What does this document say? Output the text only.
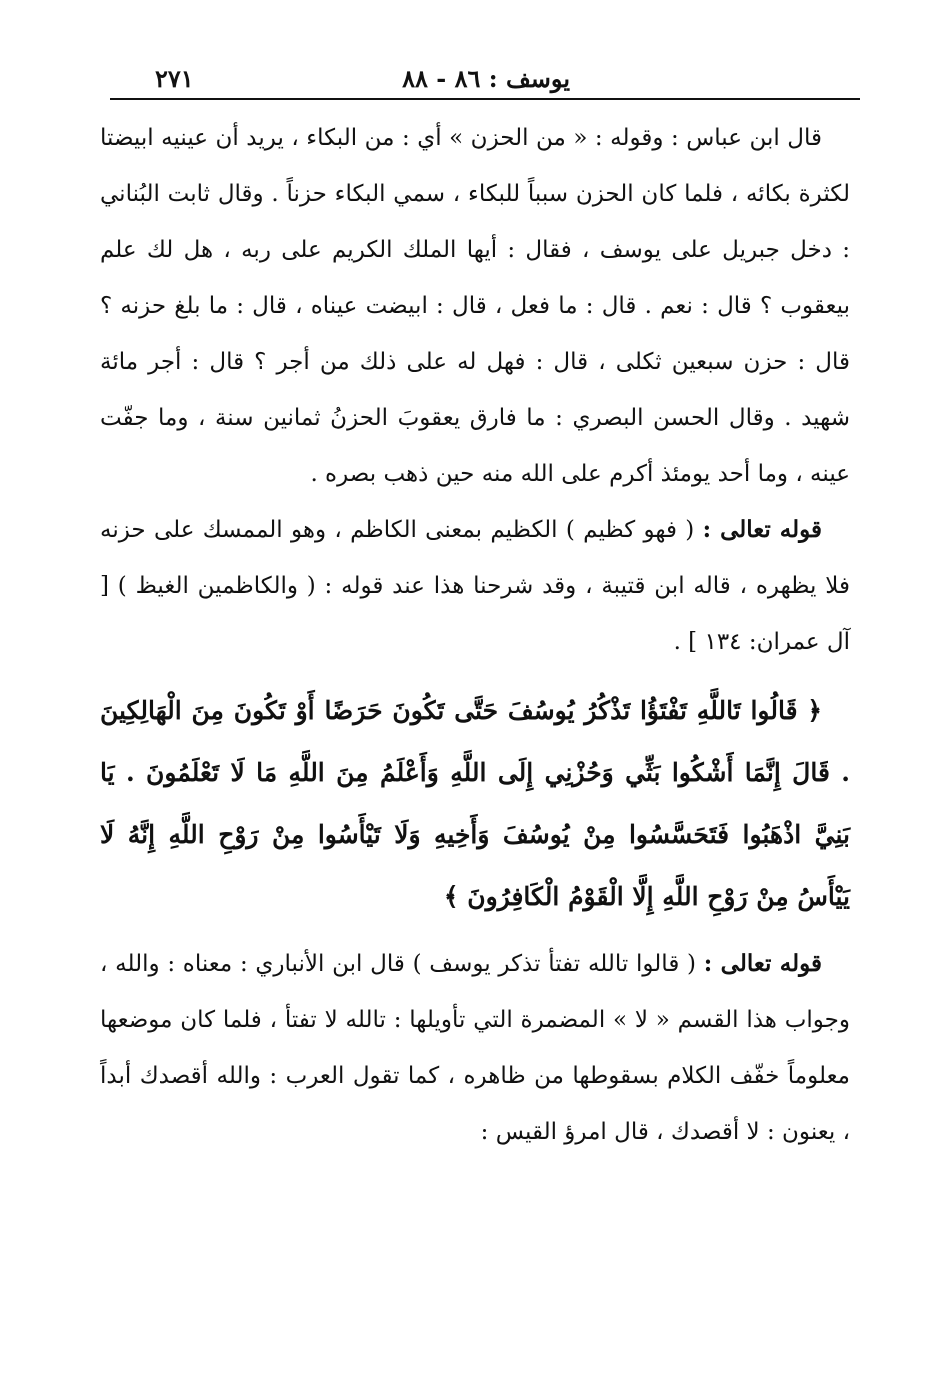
يوسف : ٨٦ - ٨٨
٢٧١

قال ابن عباس : وقوله : « من الحزن » أي : من البكاء ، يريد أن عينيه ابيضتا لكثرة بكائه ، فلما كان الحزن سبباً للبكاء ، سمي البكاء حزناً . وقال ثابت البُناني : دخل جبريل على يوسف ، فقال : أيها الملك الكريم على ربه ، هل لك علم بيعقوب ؟ قال : نعم . قال : ما فعل ، قال : ابيضت عيناه ، قال : ما بلغ حزنه ؟ قال : حزن سبعين ثكلى ، قال : فهل له على ذلك من أجر ؟ قال : أجر مائة شهيد . وقال الحسن البصري : ما فارق يعقوبَ الحزنُ ثمانين سنة ، وما جفّت عينه ، وما أحد يومئذ أكرم على الله منه حين ذهب بصره .

قوله تعالى : ( فهو كظيم ) الكظيم بمعنى الكاظم ، وهو الممسك على حزنه فلا يظهره ، قاله ابن قتيبة ، وقد شرحنا هذا عند قوله : ( والكاظمين الغيظ ) [ آل عمران: ١٣٤ ] .

﴿ قَالُوا تَاللَّهِ تَفْتَؤُا تَذْكُرُ يُوسُفَ حَتَّى تَكُونَ حَرَضًا أَوْ تَكُونَ مِنَ الْهَالِكِينَ . قَالَ إِنَّمَا أَشْكُوا بَثِّي وَحُزْنِي إِلَى اللَّهِ وَأَعْلَمُ مِنَ اللَّهِ مَا لَا تَعْلَمُونَ . يَا بَنِيَّ اذْهَبُوا فَتَحَسَّسُوا مِنْ يُوسُفَ وَأَخِيهِ وَلَا تَيْأَسُوا مِنْ رَوْحِ اللَّهِ إِنَّهُ لَا يَيْأَسُ مِنْ رَوْحِ اللَّهِ إِلَّا الْقَوْمُ الْكَافِرُونَ ﴾

قوله تعالى : ( قالوا تالله تفتأ تذكر يوسف ) قال ابن الأنباري : معناه : والله ، وجواب هذا القسم « لا » المضمرة التي تأويلها : تالله لا تفتأ ، فلما كان موضعها معلوماً خفّف الكلام بسقوطها من ظاهره ، كما تقول العرب : والله أقصدك أبداً ، يعنون : لا أقصدك ، قال امرؤ القيس :
